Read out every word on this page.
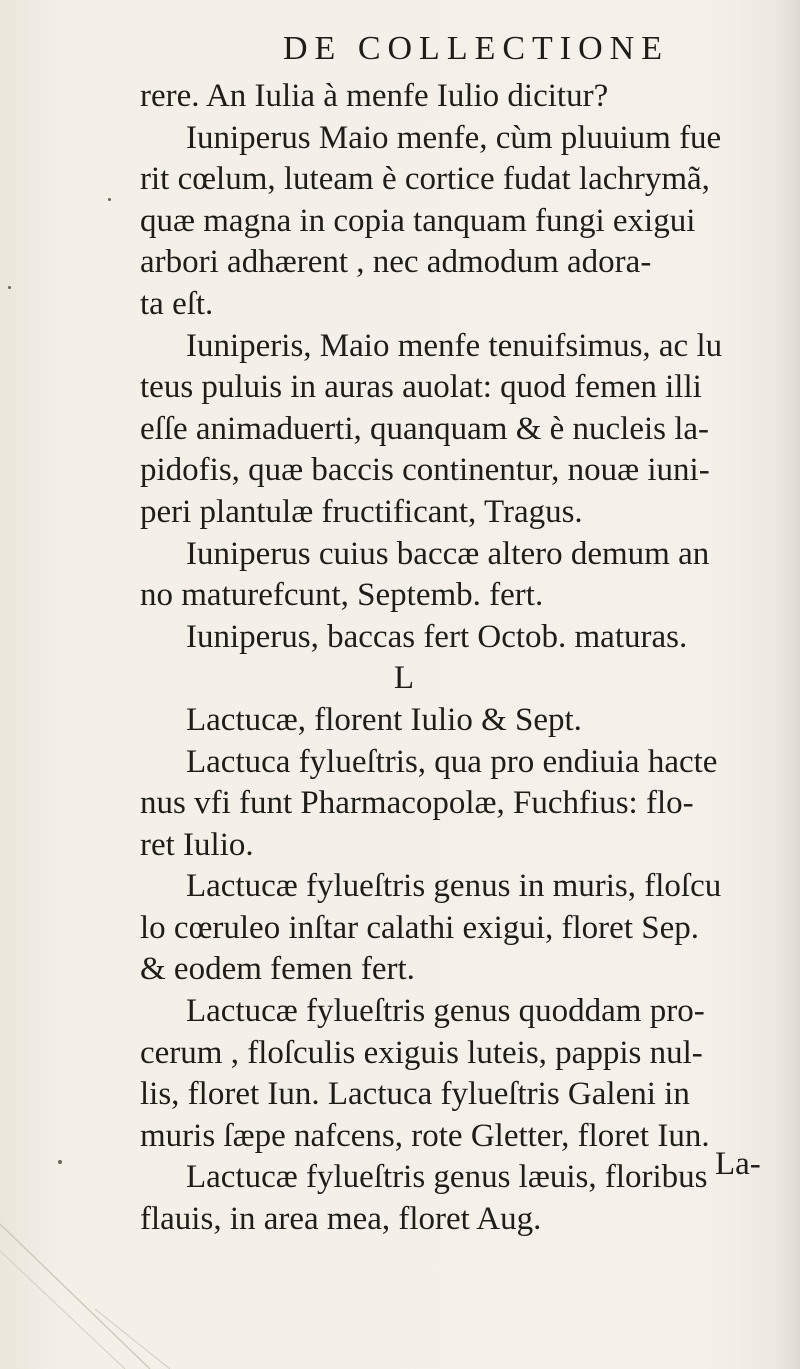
DE COLLECTIONE
rere. An Iulia à menfe Iulio dicitur?
Iuniperus Maio menfe, cùm pluuium fue
rit cœlum, luteam è cortice fudat lachrymã,
quæ magna in copia tanquam fungi exigui
arbori adhærent , nec admodum adora-
ta eſt.
Iuniperis, Maio menfe tenuifsimus, ac lu
teus puluis in auras auolat: quod femen illi
eſſe animaduerti, quanquam & è nucleis la-
pidofis, quæ baccis continentur, nouæ iuni-
peri plantulæ fructificant, Tragus.
Iuniperus cuius baccæ altero demum an
no maturefcunt, Septemb. fert.
Iuniperus, baccas fert Octob. maturas.
L
Lactucæ, florent Iulio & Sept.
Lactuca fylueſtris, qua pro endiuia hacte
nus vfi funt Pharmacopolæ, Fuchfius: flo-
ret Iulio.
Lactucæ fylueſtris genus in muris, floſcu
lo cœruleo inſtar calathi exigui, floret Sep.
& eodem femen fert.
Lactucæ fylueſtris genus quoddam pro-
cerum , floſculis exiguis luteis, pappis nul-
lis, floret Iun. Lactuca fylueſtris Galeni in
muris ſæpe nafcens, rote Gletter, floret Iun.
Lactucæ fylueſtris genus læuis, floribus
flauis, in area mea, floret Aug.
La-
